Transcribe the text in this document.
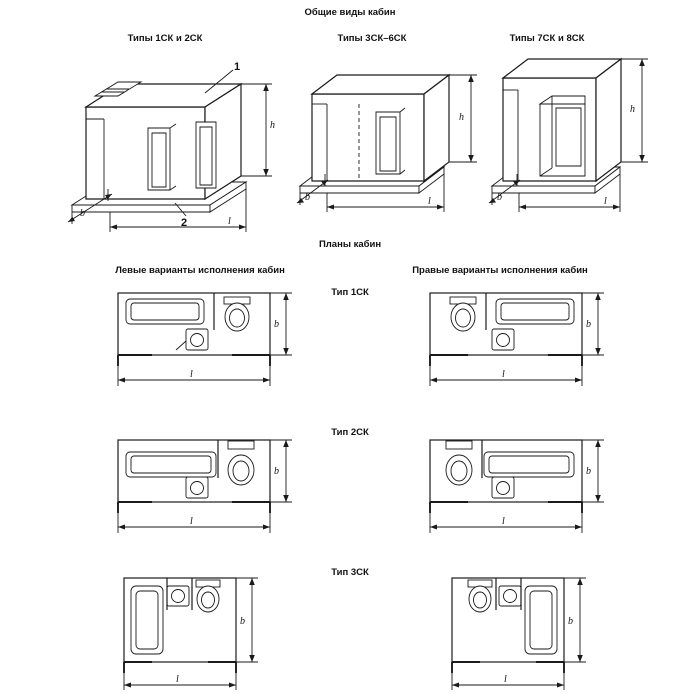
Общие виды кабин
Типы 1СК и 2СК	Типы 3СК–6СК	Типы 7СК и 8СК
Планы кабин
Левые варианты исполнения кабин	Правые варианты исполнения кабин
Тип 1СК
Тип 2СК
Тип 3СК
1
2
h
b
l
h
b	l
h
b	l
b
l
b
l
b
l
b
l
b
l
b
l
